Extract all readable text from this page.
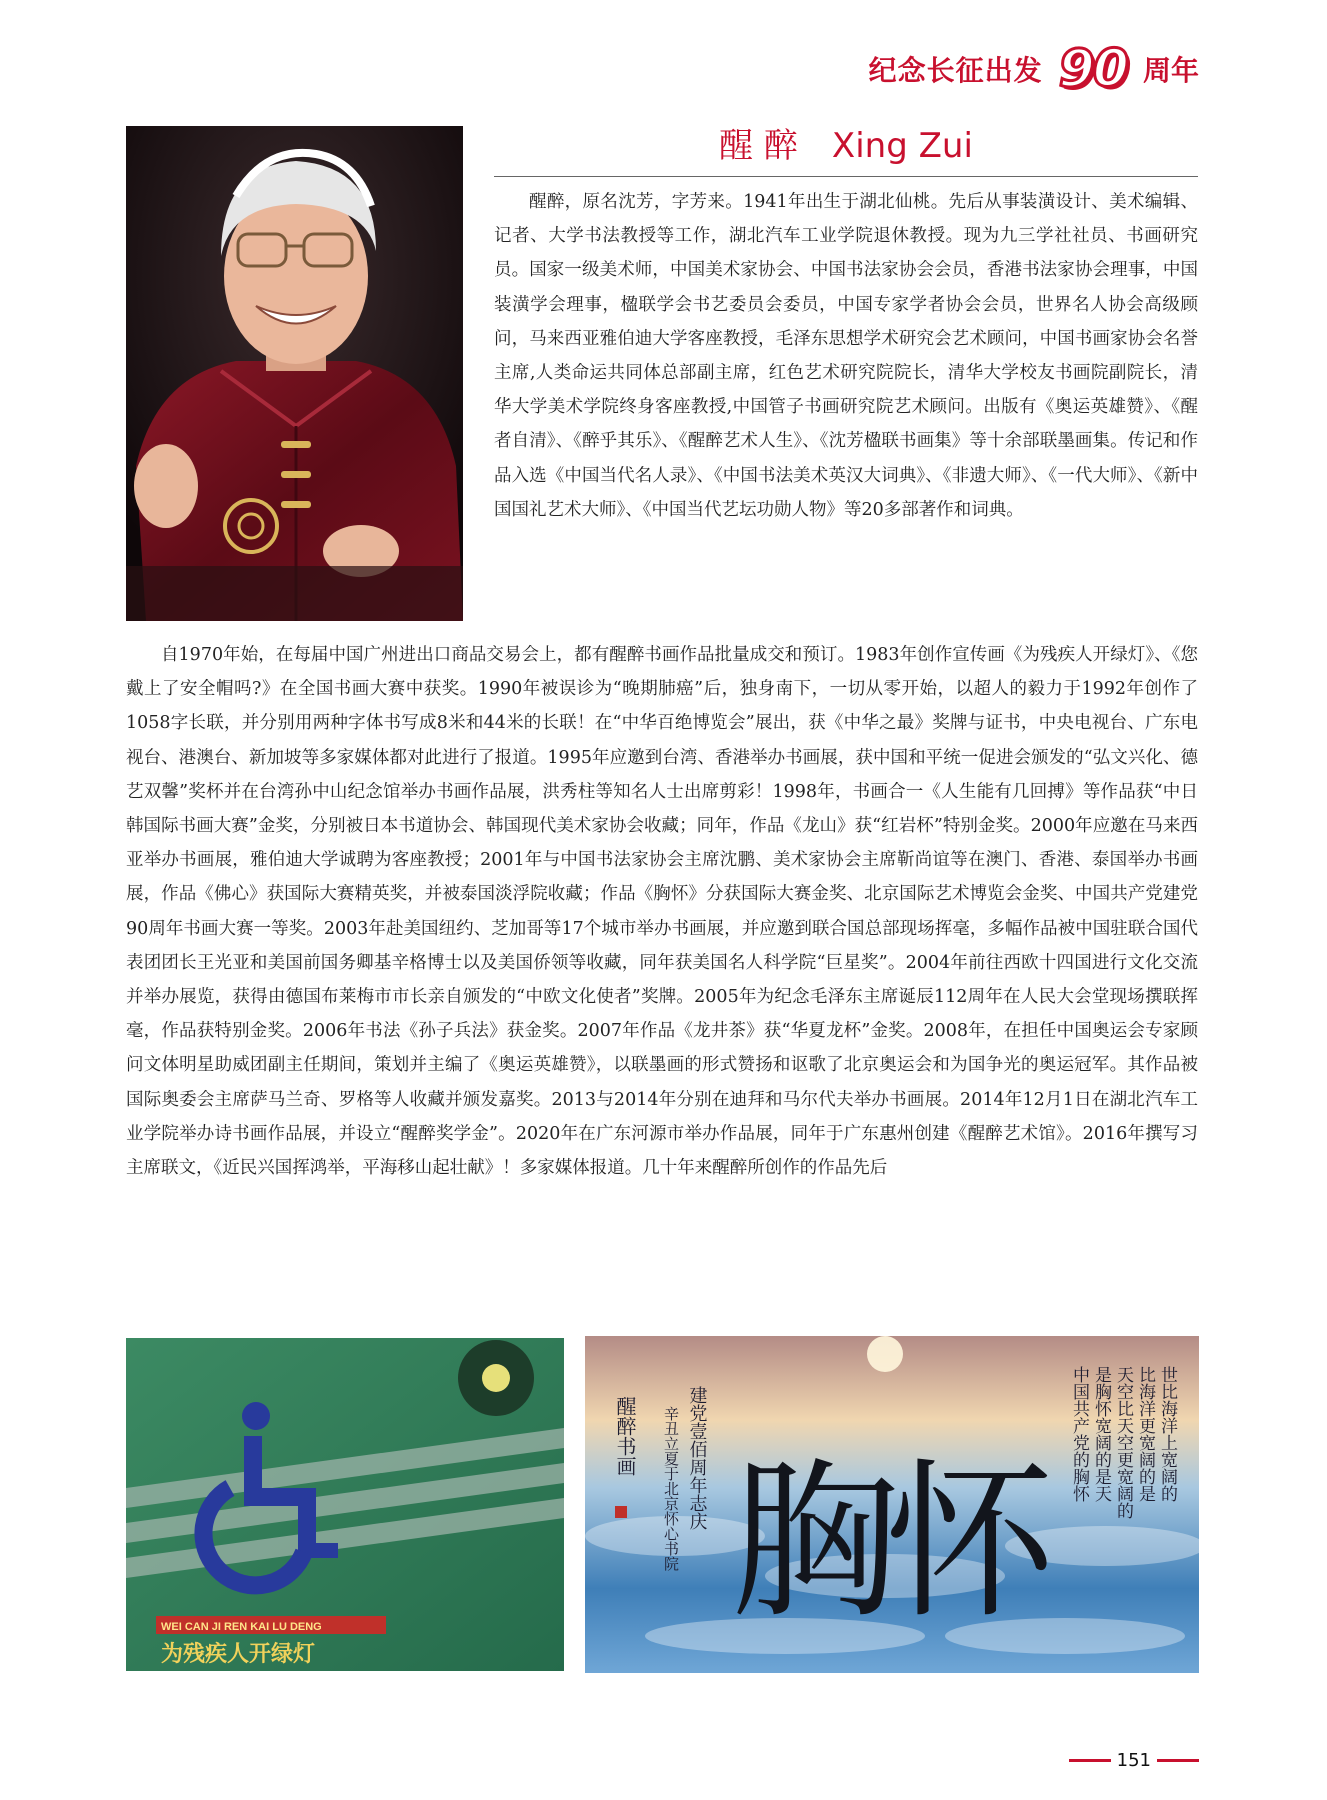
纪念长征出发 90 周年
醒 醉 Xing Zui

醒醉，原名沈芳，字芳来。1941年出生于湖北仙桃。先后从事装潢设计、美术编辑、记者、大学书法教授等工作，湖北汽车工业学院退休教授。现为九三学社社员、书画研究员。国家一级美术师，中国美术家协会、中国书法家协会会员，香港书法家协会理事，中国装潢学会理事，楹联学会书艺委员会委员，中国专家学者协会会员，世界名人协会高级顾问，马来西亚雅伯迪大学客座教授，毛泽东思想学术研究会艺术顾问，中国书画家协会名誉主席,人类命运共同体总部副主席，红色艺术研究院院长，清华大学校友书画院副院长，清华大学美术学院终身客座教授,中国管子书画研究院艺术顾问。出版有《奥运英雄赞》、《醒者自清》、《醉乎其乐》、《醒醉艺术人生》、《沈芳楹联书画集》等十余部联墨画集。传记和作品入选《中国当代名人录》、《中国书法美术英汉大词典》、《非遗大师》、《一代大师》、《新中国国礼艺术大师》、《中国当代艺坛功勋人物》等20多部著作和词典。

自1970年始，在每届中国广州进出口商品交易会上，都有醒醉书画作品批量成交和预订。1983年创作宣传画《为残疾人开绿灯》、《您戴上了安全帽吗?》在全国书画大赛中获奖。1990年被误诊为“晚期肺癌”后，独身南下，一切从零开始，以超人的毅力于1992年创作了1058字长联，并分别用两种字体书写成8米和44米的长联！在“中华百绝博览会”展出，获《中华之最》奖牌与证书，中央电视台、广东电视台、港澳台、新加坡等多家媒体都对此进行了报道。1995年应邀到台湾、香港举办书画展，获中国和平统一促进会颁发的“弘文兴化、德艺双馨”奖杯并在台湾孙中山纪念馆举办书画作品展，洪秀柱等知名人士出席剪彩！1998年，书画合一《人生能有几回搏》等作品获“中日韩国际书画大赛”金奖，分别被日本书道协会、韩国现代美术家协会收藏；同年，作品《龙山》获“红岩杯”特别金奖。2000年应邀在马来西亚举办书画展，雅伯迪大学诚聘为客座教授；2001年与中国书法家协会主席沈鹏、美术家协会主席靳尚谊等在澳门、香港、泰国举办书画展，作品《佛心》获国际大赛精英奖，并被泰国淡浮院收藏；作品《胸怀》分获国际大赛金奖、北京国际艺术博览会金奖、中国共产党建党90周年书画大赛一等奖。2003年赴美国纽约、芝加哥等17个城市举办书画展，并应邀到联合国总部现场挥毫，多幅作品被中国驻联合国代表团团长王光亚和美国前国务卿基辛格博士以及美国侨领等收藏，同年获美国名人科学院“巨星奖”。2004年前往西欧十四国进行文化交流并举办展览，获得由德国布莱梅市市长亲自颁发的“中欧文化使者”奖牌。2005年为纪念毛泽东主席诞辰112周年在人民大会堂现场撰联挥毫，作品获特别金奖。2006年书法《孙子兵法》获金奖。2007年作品《龙井茶》获“华夏龙杯”金奖。2008年，在担任中国奥运会专家顾问文体明星助威团副主任期间，策划并主编了《奥运英雄赞》，以联墨画的形式赞扬和讴歌了北京奥运会和为国争光的奥运冠军。其作品被国际奥委会主席萨马兰奇、罗格等人收藏并颁发嘉奖。2013与2014年分别在迪拜和马尔代夫举办书画展。2014年12月1日在湖北汽车工业学院举办诗书画作品展，并设立“醒醉奖学金”。2020年在广东河源市举办作品展，同年于广东惠州创建《醒醉艺术馆》。2016年撰写习主席联文，《近民兴国挥鸿举，平海移山起壮献》！多家媒体报道。几十年来醒醉所创作的作品先后

WEI CAN JI REN KAI LU DENG
为残疾人开绿灯
胸
怀
建党壹佰周年志庆
辛丑立夏于北京怀心书院
醒醉书画	世比海洋上宽阔的
比海洋更宽阔的是
天空比天空更宽阔的
是胸怀宽阔的是天
中国共产党的胸怀
151
